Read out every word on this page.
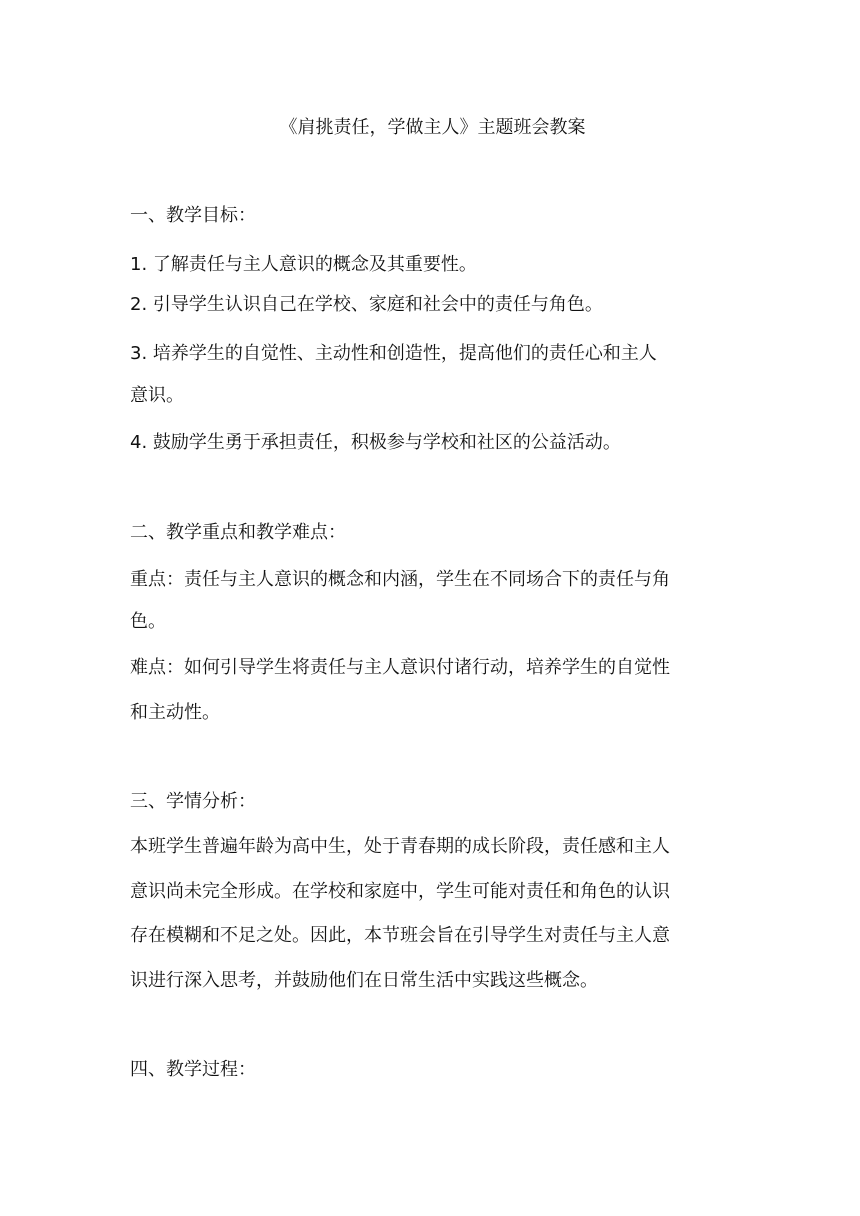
《肩挑责任，学做主人》主题班会教案
一、教学目标：
1. 了解责任与主人意识的概念及其重要性。
2. 引导学生认识自己在学校、家庭和社会中的责任与角色。
3. 培养学生的自觉性、主动性和创造性，提高他们的责任心和主人
意识。
4. 鼓励学生勇于承担责任，积极参与学校和社区的公益活动。
二、教学重点和教学难点：
重点：责任与主人意识的概念和内涵，学生在不同场合下的责任与角
色。
难点：如何引导学生将责任与主人意识付诸行动，培养学生的自觉性
和主动性。
三、学情分析：
本班学生普遍年龄为高中生，处于青春期的成长阶段，责任感和主人
意识尚未完全形成。在学校和家庭中，学生可能对责任和角色的认识
存在模糊和不足之处。因此，本节班会旨在引导学生对责任与主人意
识进行深入思考，并鼓励他们在日常生活中实践这些概念。
四、教学过程：
